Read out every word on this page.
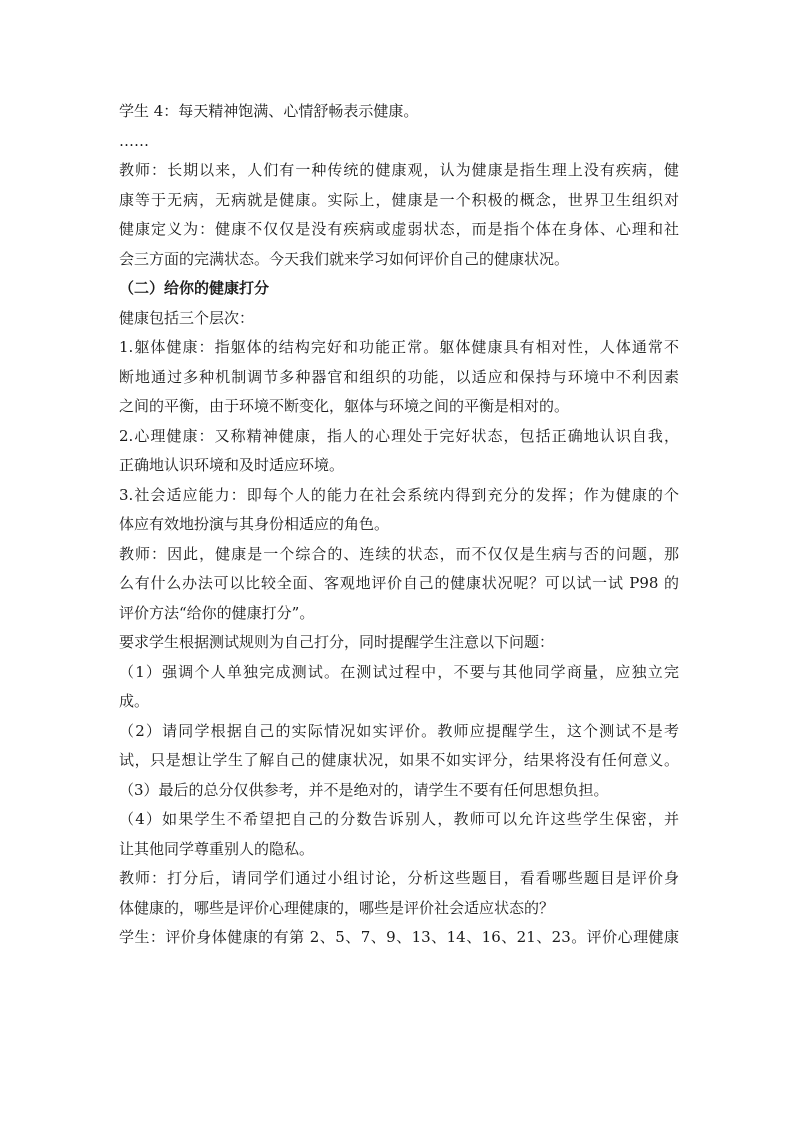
学生 4：每天精神饱满、心情舒畅表示健康。

……

教师：长期以来，人们有一种传统的健康观，认为健康是指生理上没有疾病，健

康等于无病，无病就是健康。实际上，健康是一个积极的概念，世界卫生组织对

健康定义为：健康不仅仅是没有疾病或虚弱状态，而是指个体在身体、心理和社

会三方面的完满状态。今天我们就来学习如何评价自己的健康状况。

（二）给你的健康打分

健康包括三个层次：

1.躯体健康：指躯体的结构完好和功能正常。躯体健康具有相对性，人体通常不

断地通过多种机制调节多种器官和组织的功能，以适应和保持与环境中不利因素

之间的平衡，由于环境不断变化，躯体与环境之间的平衡是相对的。

2.心理健康：又称精神健康，指人的心理处于完好状态，包括正确地认识自我，

正确地认识环境和及时适应环境。

3.社会适应能力：即每个人的能力在社会系统内得到充分的发挥；作为健康的个

体应有效地扮演与其身份相适应的角色。

教师：因此，健康是一个综合的、连续的状态，而不仅仅是生病与否的问题，那

么有什么办法可以比较全面、客观地评价自己的健康状况呢？可以试一试 P98 的

评价方法“给你的健康打分”。

要求学生根据测试规则为自己打分，同时提醒学生注意以下问题：

（1）强调个人单独完成测试。在测试过程中，不要与其他同学商量，应独立完

成。

（2）请同学根据自己的实际情况如实评价。教师应提醒学生，这个测试不是考

试，只是想让学生了解自己的健康状况，如果不如实评分，结果将没有任何意义。

（3）最后的总分仅供参考，并不是绝对的，请学生不要有任何思想负担。

（4）如果学生不希望把自己的分数告诉别人，教师可以允许这些学生保密，并

让其他同学尊重别人的隐私。

教师：打分后，请同学们通过小组讨论，分析这些题目，看看哪些题目是评价身

体健康的，哪些是评价心理健康的，哪些是评价社会适应状态的？

学生：评价身体健康的有第 2、5、7、9、13、14、16、21、23。评价心理健康
